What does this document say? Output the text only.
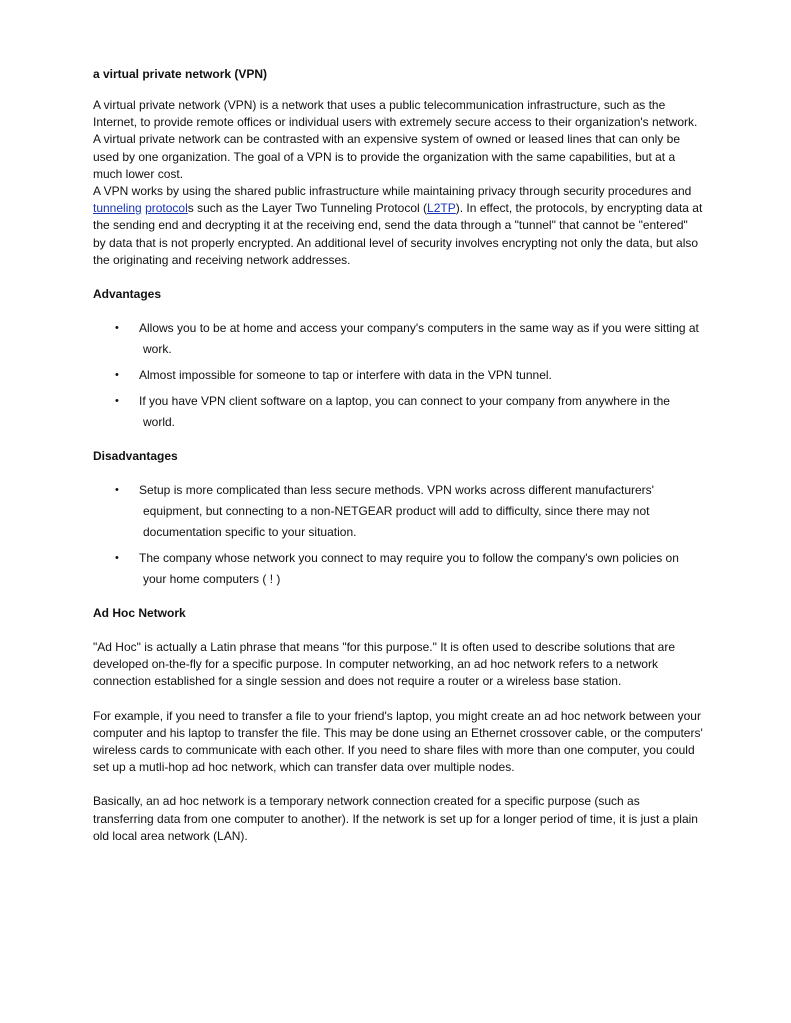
a virtual private network (VPN)

A virtual private network (VPN) is a network that uses a public telecommunication infrastructure, such as the Internet, to provide remote offices or individual users with extremely secure access to their organization's network. A virtual private network can be contrasted with an expensive system of owned or leased lines that can only be used by one organization. The goal of a VPN is to provide the organization with the same capabilities, but at a much lower cost.

A VPN works by using the shared public infrastructure while maintaining privacy through security procedures and tunneling protocols such as the Layer Two Tunneling Protocol (L2TP). In effect, the protocols, by encrypting data at the sending end and decrypting it at the receiving end, send the data through a "tunnel" that cannot be "entered" by data that is not properly encrypted. An additional level of security involves encrypting not only the data, but also the originating and receiving network addresses.

Advantages
• Allows you to be at home and access your company's computers in the same way as if you were sitting at work.
• Almost impossible for someone to tap or interfere with data in the VPN tunnel.
• If you have VPN client software on a laptop, you can connect to your company from anywhere in the world.
Disadvantages
• Setup is more complicated than less secure methods. VPN works across different manufacturers' equipment, but connecting to a non-NETGEAR product will add to difficulty, since there may not documentation specific to your situation.
• The company whose network you connect to may require you to follow the company's own policies on your home computers ( ! )
Ad Hoc Network

"Ad Hoc" is actually a Latin phrase that means "for this purpose." It is often used to describe solutions that are developed on-the-fly for a specific purpose. In computer networking, an ad hoc network refers to a network connection established for a single session and does not require a router or a wireless base station.

For example, if you need to transfer a file to your friend's laptop, you might create an ad hoc network between your computer and his laptop to transfer the file. This may be done using an Ethernet crossover cable, or the computers' wireless cards to communicate with each other. If you need to share files with more than one computer, you could set up a mutli-hop ad hoc network, which can transfer data over multiple nodes.

Basically, an ad hoc network is a temporary network connection created for a specific purpose (such as transferring data from one computer to another). If the network is set up for a longer period of time, it is just a plain old local area network (LAN).
